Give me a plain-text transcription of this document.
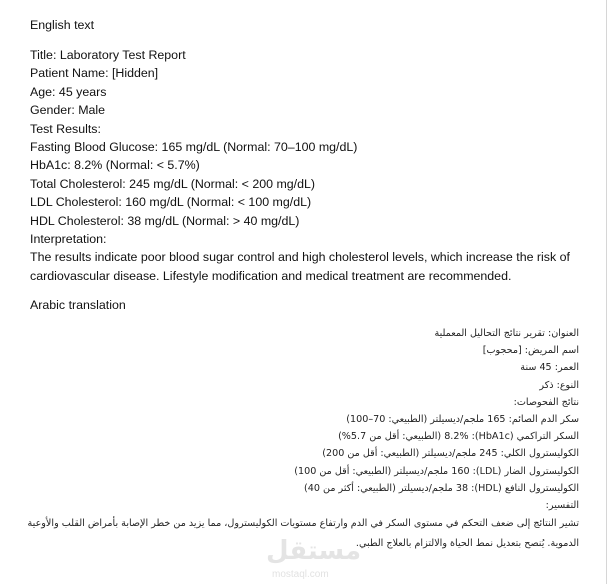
English text
Title: Laboratory Test Report
Patient Name: [Hidden]
Age: 45 years
Gender: Male
Test Results:
Fasting Blood Glucose: 165 mg/dL (Normal: 70–100 mg/dL)
HbA1c: 8.2% (Normal: < 5.7%)
Total Cholesterol: 245 mg/dL (Normal: < 200 mg/dL)
LDL Cholesterol: 160 mg/dL (Normal: < 100 mg/dL)
HDL Cholesterol: 38 mg/dL (Normal: > 40 mg/dL)
Interpretation:
The results indicate poor blood sugar control and high cholesterol levels, which increase the risk of cardiovascular disease. Lifestyle modification and medical treatment are recommended.
Arabic translation
العنوان: تقرير نتائج التحاليل المعملية
اسم المريض: [محجوب]
العمر: 45 سنة
النوع: ذكر
نتائج الفحوصات:
سكر الدم الصائم: 165 ملجم/ديسيلتر (الطبيعي: 70–100)
السكر التراكمي (HbA1c): 8.2% (الطبيعي: أقل من 5.7%)
الكوليسترول الكلي: 245 ملجم/ديسيلتر (الطبيعي: أقل من 200)
الكوليسترول الضار (LDL): 160 ملجم/ديسيلتر (الطبيعي: أقل من 100)
الكوليسترول النافع (HDL): 38 ملجم/ديسيلتر (الطبيعي: أكثر من 40)
التفسير:
تشير النتائج إلى ضعف التحكم في مستوى السكر في الدم وارتفاع مستويات الكوليسترول، مما يزيد من خطر الإصابة بأمراض القلب والأوعية الدموية. يُنصح بتعديل نمط الحياة والالتزام بالعلاج الطبي.
مستقل
mostaql.com
